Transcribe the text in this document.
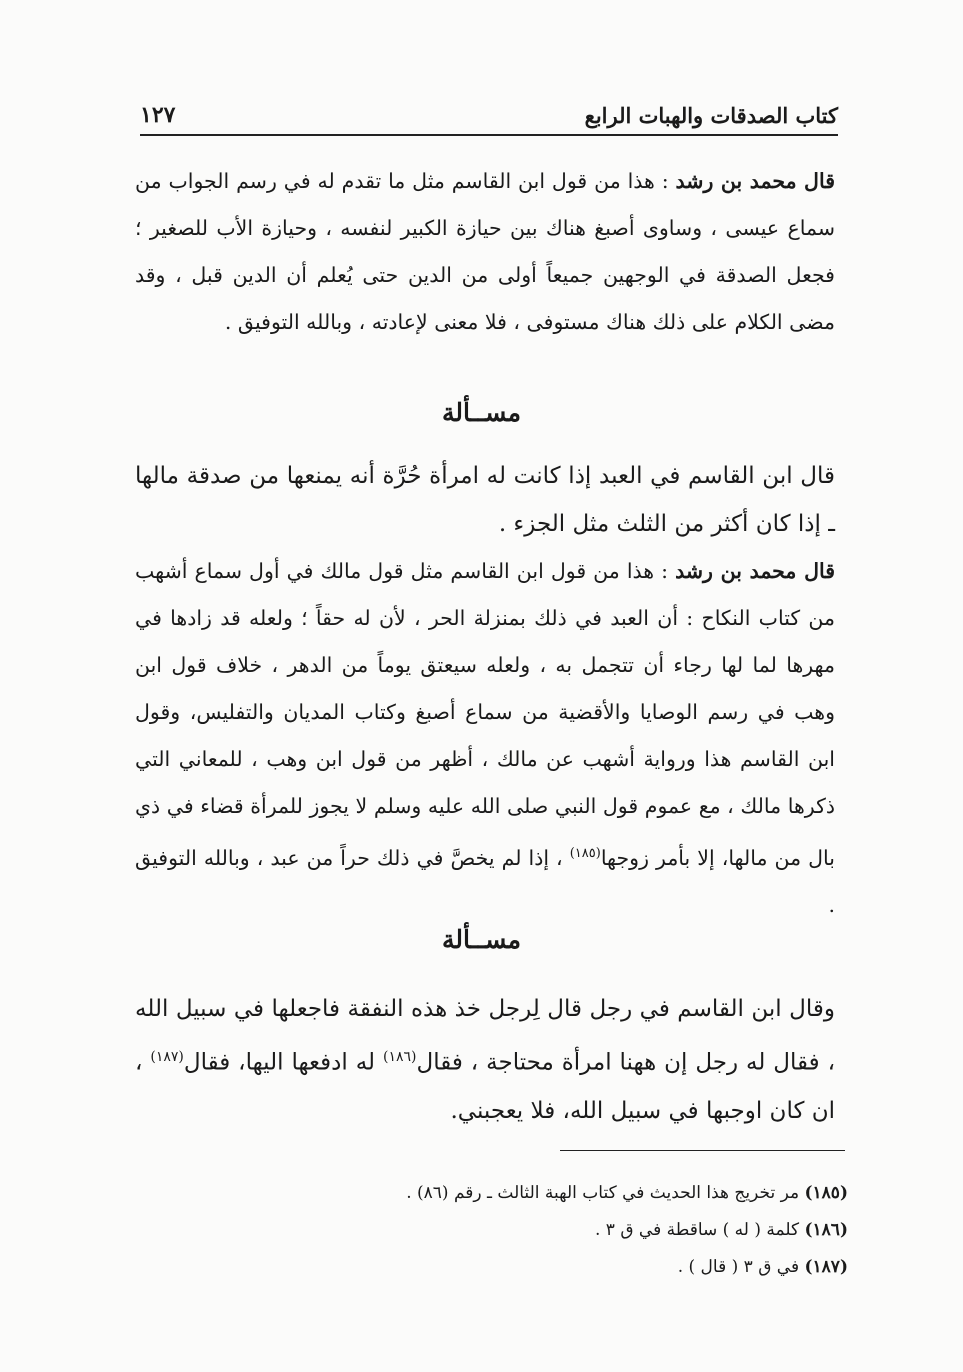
كتاب الصدقات والهبات الرابع
١٢٧
قال محمد بن رشد : هذا من قول ابن القاسم مثل ما تقدم له في رسم الجواب من سماع عيسى ، وساوى أصبغ هناك بين حيازة الكبير لنفسه ، وحيازة الأب للصغير ؛ فجعل الصدقة في الوجهين جميعاً أولى من الدين حتى يُعلم أن الدين قبل ، وقد مضى الكلام على ذلك هناك مستوفى ، فلا معنى لإعادته ، وبالله التوفيق .
مســألة
قال ابن القاسم في العبد إذا كانت له امرأة حُرَّة أنه يمنعها من صدقة مالها ـ إذا كان أكثر من الثلث مثل الجزء .
قال محمد بن رشد : هذا من قول ابن القاسم مثل قول مالك في أول سماع أشهب من كتاب النكاح : أن العبد في ذلك بمنزلة الحر ، لأن له حقاً ؛ ولعله قد زادها في مهرها لما لها رجاء أن تتجمل به ، ولعله سيعتق يوماً من الدهر ، خلاف قول ابن وهب في رسم الوصايا والأقضية من سماع أصبغ وكتاب المديان والتفليس، وقول ابن القاسم هذا ورواية أشهب عن مالك ، أظهر من قول ابن وهب ، للمعاني التي ذكرها مالك ، مع عموم قول النبي صلى الله عليه وسلم لا يجوز للمرأة قضاء في ذي بال من مالها، إلا بأمر زوجها$^{(١٨٥)}$ ، إذا لم يخصَّ في ذلك حراً من عبد ، وبالله التوفيق .
مســألة
وقال ابن القاسم في رجل قال لِرجل خذ هذه النفقة فاجعلها في سبيل الله ، فقال له رجل إن ههنا امرأة محتاجة ، فقال$^{(١٨٦)}$ له ادفعها اليها، فقال$^{(١٨٧)}$ ، ان كان اوجبها في سبيل الله، فلا يعجبني.
(١٨٥) مر تخريج هذا الحديث في كتاب الهبة الثالث ـ رقم (٨٦) .
(١٨٦) كلمة ( له ) ساقطة في ق ٣ .
(١٨٧) في ق ٣ ( قال ) .
